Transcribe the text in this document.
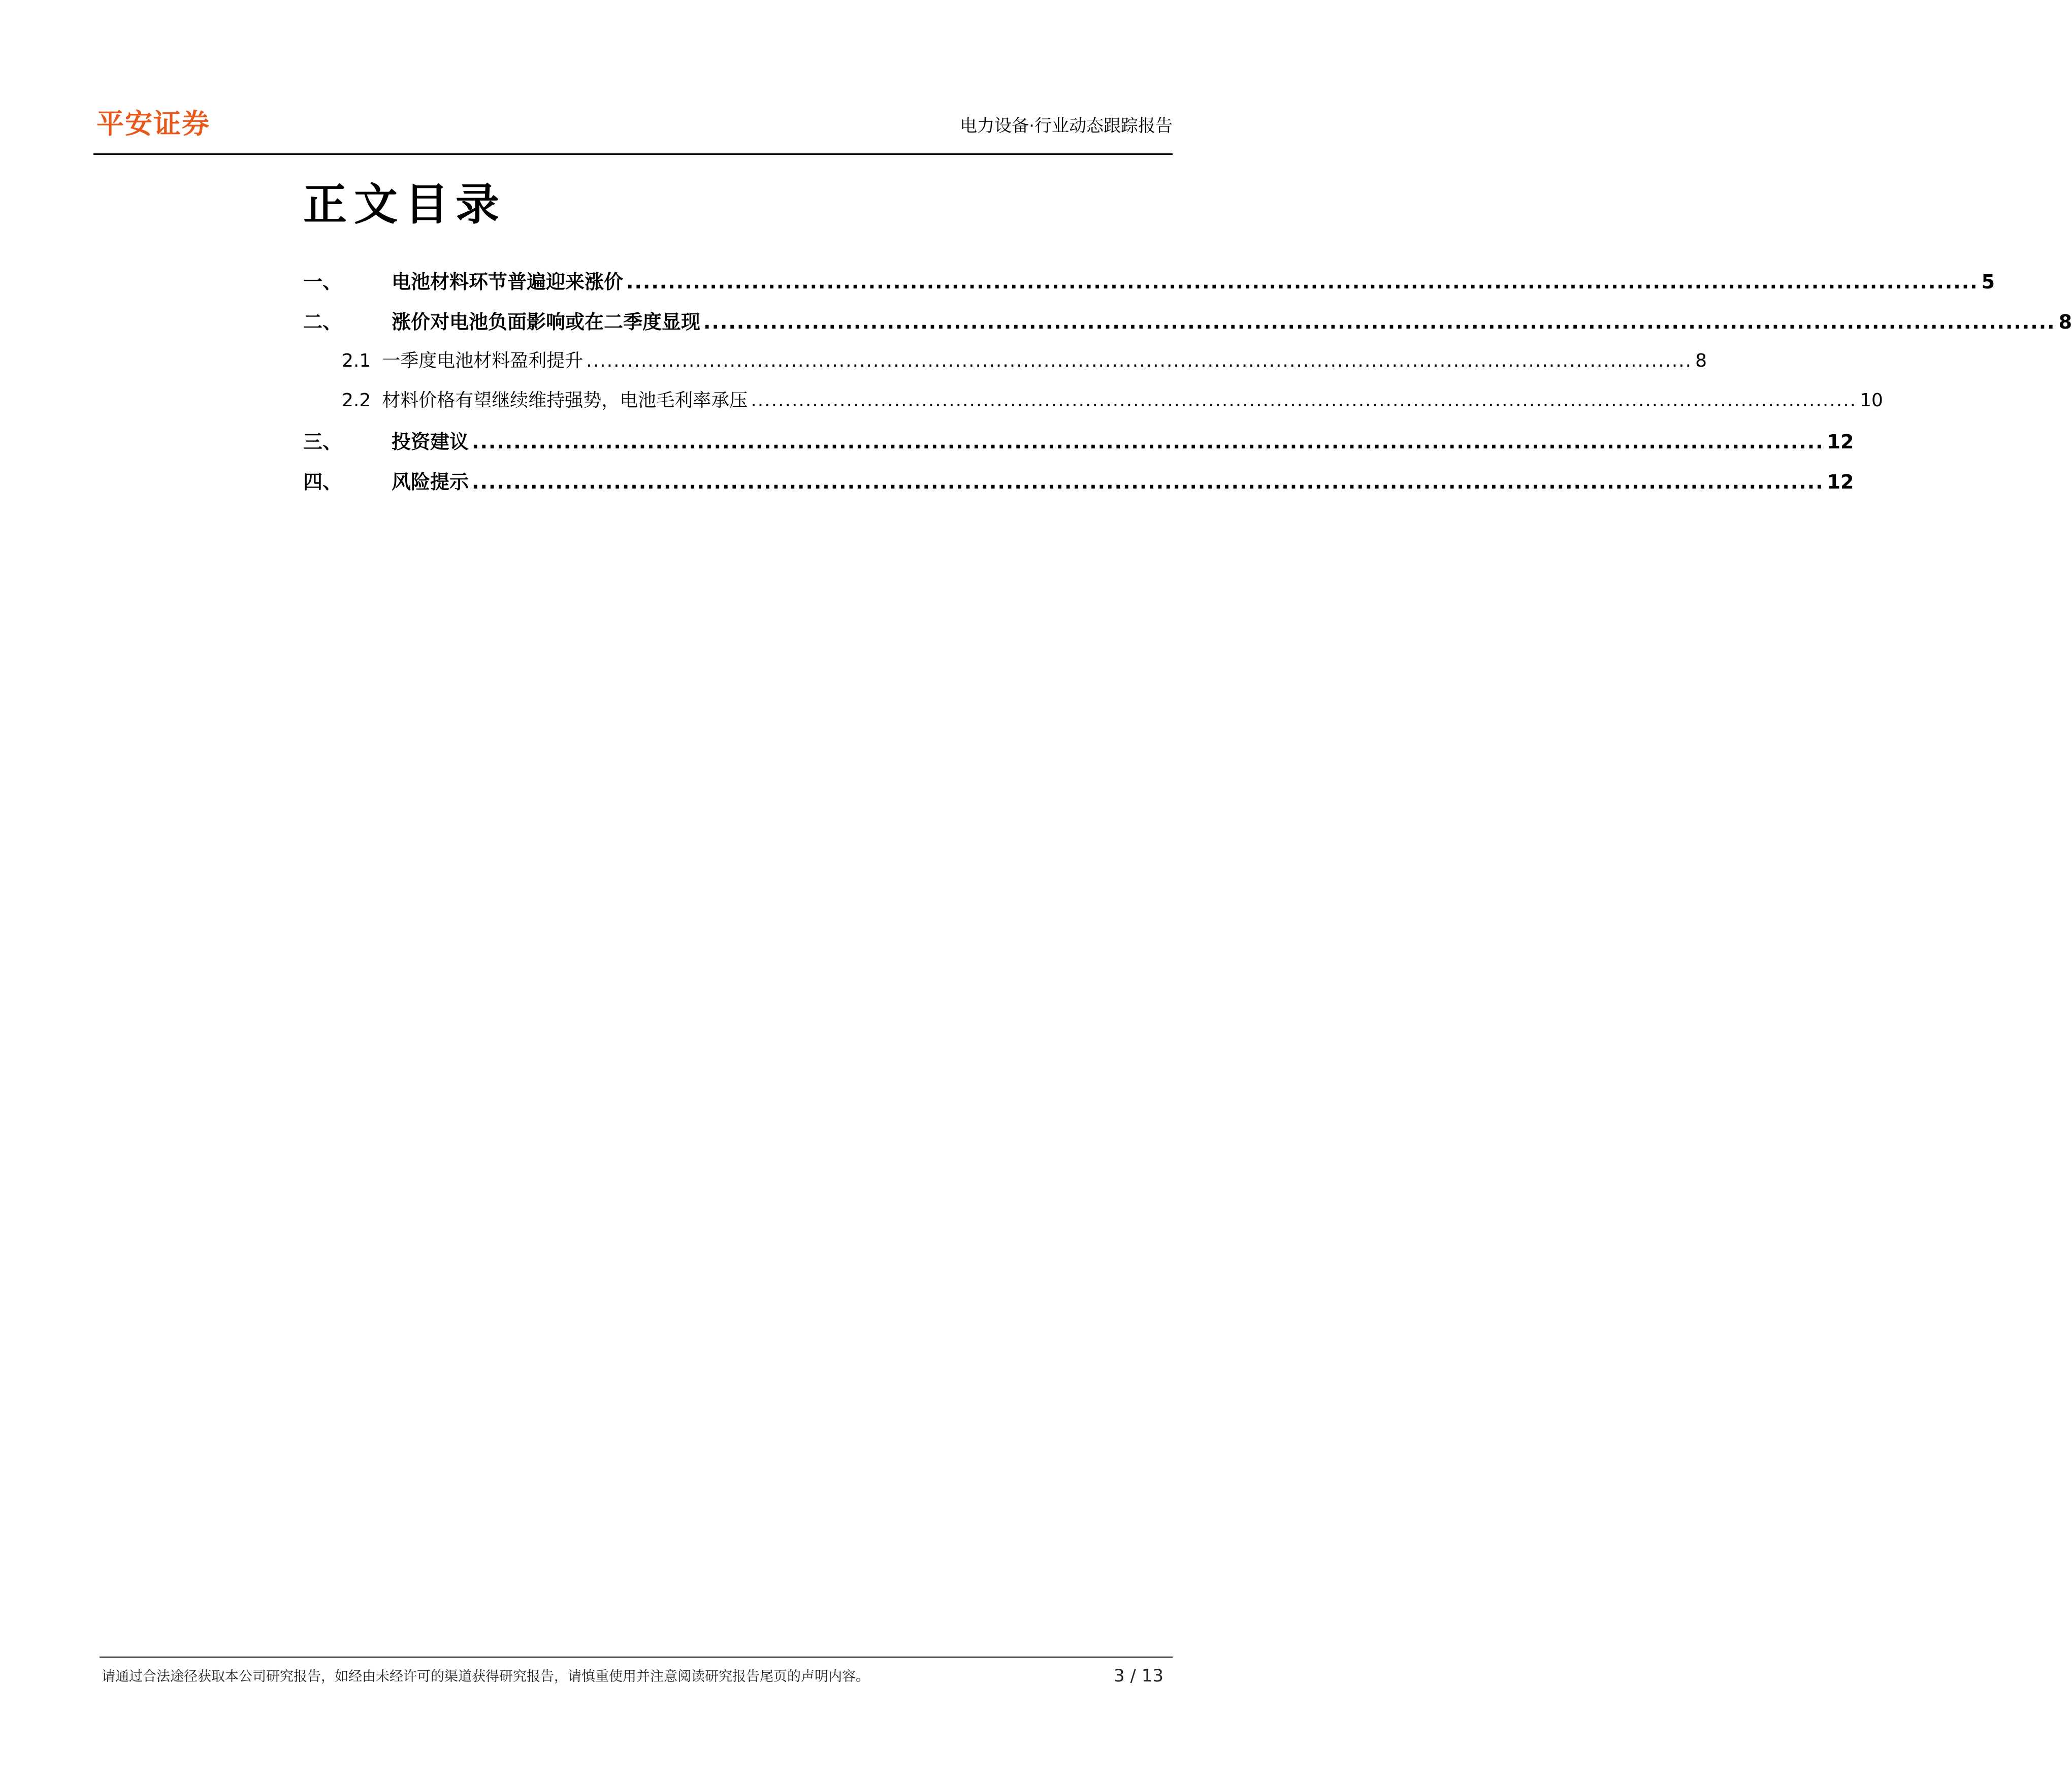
平安证券	电力设备·行业动态跟踪报告
正文目录
一、	电池材料环节普遍迎来涨价 .................................................................................................................................................................. 5
二、	涨价对电池负面影响或在二季度显现 .................................................................................................................................................................. 8
2.1 一季度电池材料盈利提升 .................................................................................................................................................................. 8
2.2 材料价格有望继续维持强势，电池毛利率承压 .................................................................................................................................................................. 10
三、	投资建议 .................................................................................................................................................................. 12
四、	风险提示 .................................................................................................................................................................. 12
请通过合法途径获取本公司研究报告，如经由未经许可的渠道获得研究报告，请慎重使用并注意阅读研究报告尾页的声明内容。	3 / 13
